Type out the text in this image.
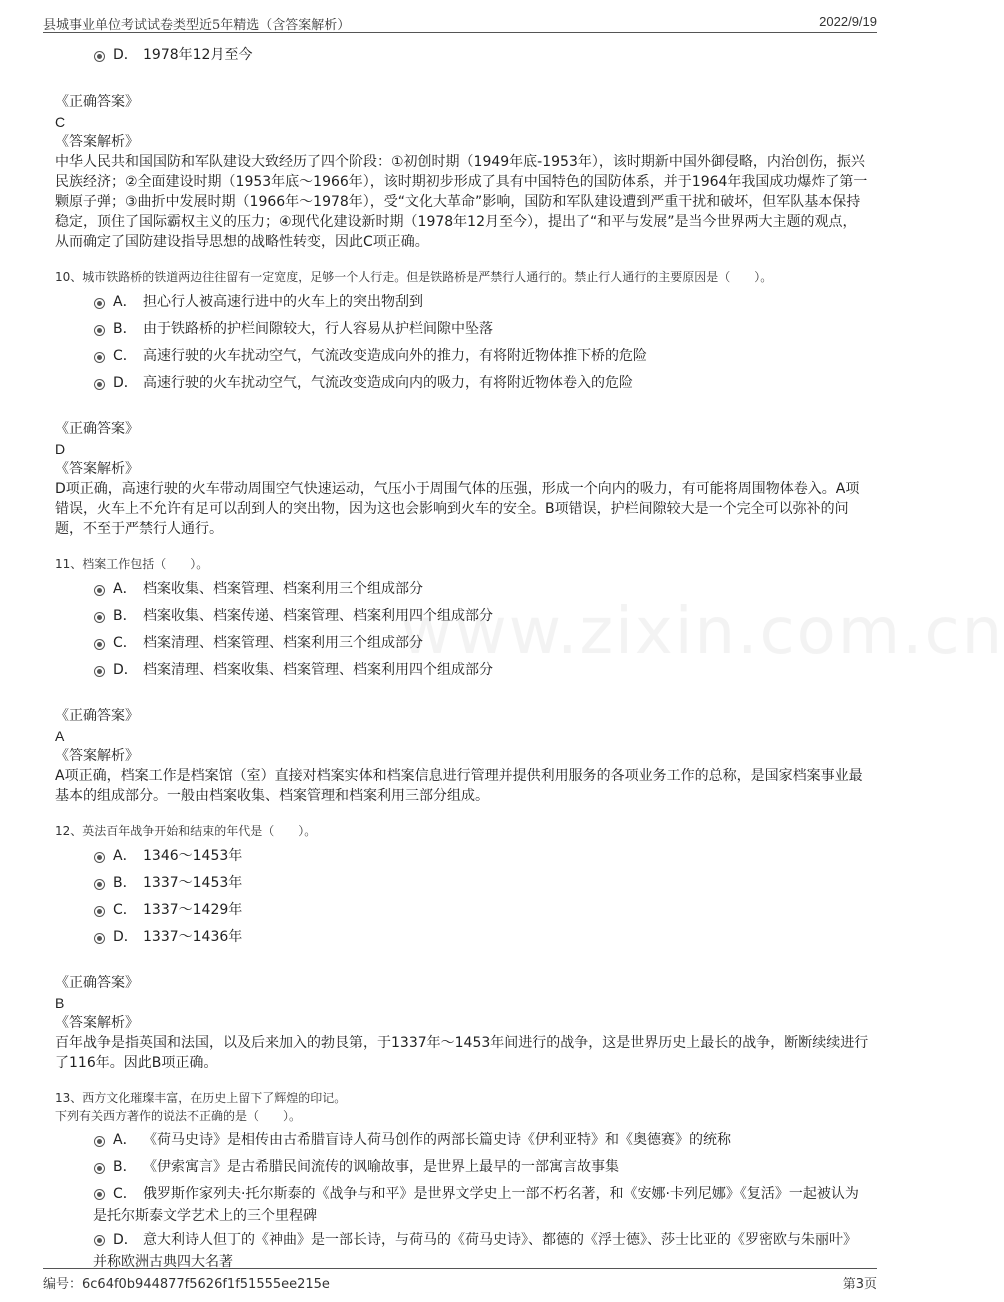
县城事业单位考试试卷类型近5年精选（含答案解析）	2022/9/19
www.zixin.com.cn
D． 1978年12月至今
《正确答案》
C
《答案解析》

中华人民共和国国防和军队建设大致经历了四个阶段：①初创时期（1949年底-1953年），该时期新中国外御侵略，内治创伤，振兴民族经济；②全面建设时期（1953年底～1966年），该时期初步形成了具有中国特色的国防体系，并于1964年我国成功爆炸了第一颗原子弹；③曲折中发展时期（1966年～1978年），受“文化大革命”影响，国防和军队建设遭到严重干扰和破坏，但军队基本保持稳定，顶住了国际霸权主义的压力；④现代化建设新时期（1978年12月至今），提出了“和平与发展”是当今世界两大主题的观点，从而确定了国防建设指导思想的战略性转变，因此C项正确。

10、城市铁路桥的铁道两边往往留有一定宽度，足够一个人行走。但是铁路桥是严禁行人通行的。禁止行人通行的主要原因是（　　）。

A． 担心行人被高速行进中的火车上的突出物刮到
B． 由于铁路桥的护栏间隙较大，行人容易从护栏间隙中坠落
C． 高速行驶的火车扰动空气，气流改变造成向外的推力，有将附近物体推下桥的危险
D． 高速行驶的火车扰动空气，气流改变造成向内的吸力，有将附近物体卷入的危险
《正确答案》
D
《答案解析》

D项正确，高速行驶的火车带动周围空气快速运动，气压小于周围气体的压强，形成一个向内的吸力，有可能将周围物体卷入。A项错误，火车上不允许有足可以刮到人的突出物，因为这也会影响到火车的安全。B项错误，护栏间隙较大是一个完全可以弥补的问题，不至于严禁行人通行。

11、档案工作包括（　　）。

A． 档案收集、档案管理、档案利用三个组成部分
B． 档案收集、档案传递、档案管理、档案利用四个组成部分
C． 档案清理、档案管理、档案利用三个组成部分
D． 档案清理、档案收集、档案管理、档案利用四个组成部分
《正确答案》
A
《答案解析》

A项正确，档案工作是档案馆（室）直接对档案实体和档案信息进行管理并提供利用服务的各项业务工作的总称，是国家档案事业最基本的组成部分。一般由档案收集、档案管理和档案利用三部分组成。

12、英法百年战争开始和结束的年代是（　　）。

A． 1346～1453年
B． 1337～1453年
C． 1337～1429年
D． 1337～1436年
《正确答案》
B
《答案解析》

百年战争是指英国和法国，以及后来加入的勃艮第，于1337年～1453年间进行的战争，这是世界历史上最长的战争，断断续续进行了116年。因此B项正确。

13、西方文化璀璨丰富，在历史上留下了辉煌的印记。

下列有关西方著作的说法不正确的是（　　）。

A． 《荷马史诗》是相传由古希腊盲诗人荷马创作的两部长篇史诗《伊利亚特》和《奥德赛》的统称
B． 《伊索寓言》是古希腊民间流传的讽喻故事，是世界上最早的一部寓言故事集
C． 俄罗斯作家列夫·托尔斯泰的《战争与和平》是世界文学史上一部不朽名著，和《安娜·卡列尼娜》《复活》一起被认为是托尔斯泰文学艺术上的三个里程碑
D． 意大利诗人但丁的《神曲》是一部长诗，与荷马的《荷马史诗》、都德的《浮士德》、莎士比亚的《罗密欧与朱丽叶》并称欧洲古典四大名著
编号：6c64f0b944877f5626f1f51555ee215e	第3页
